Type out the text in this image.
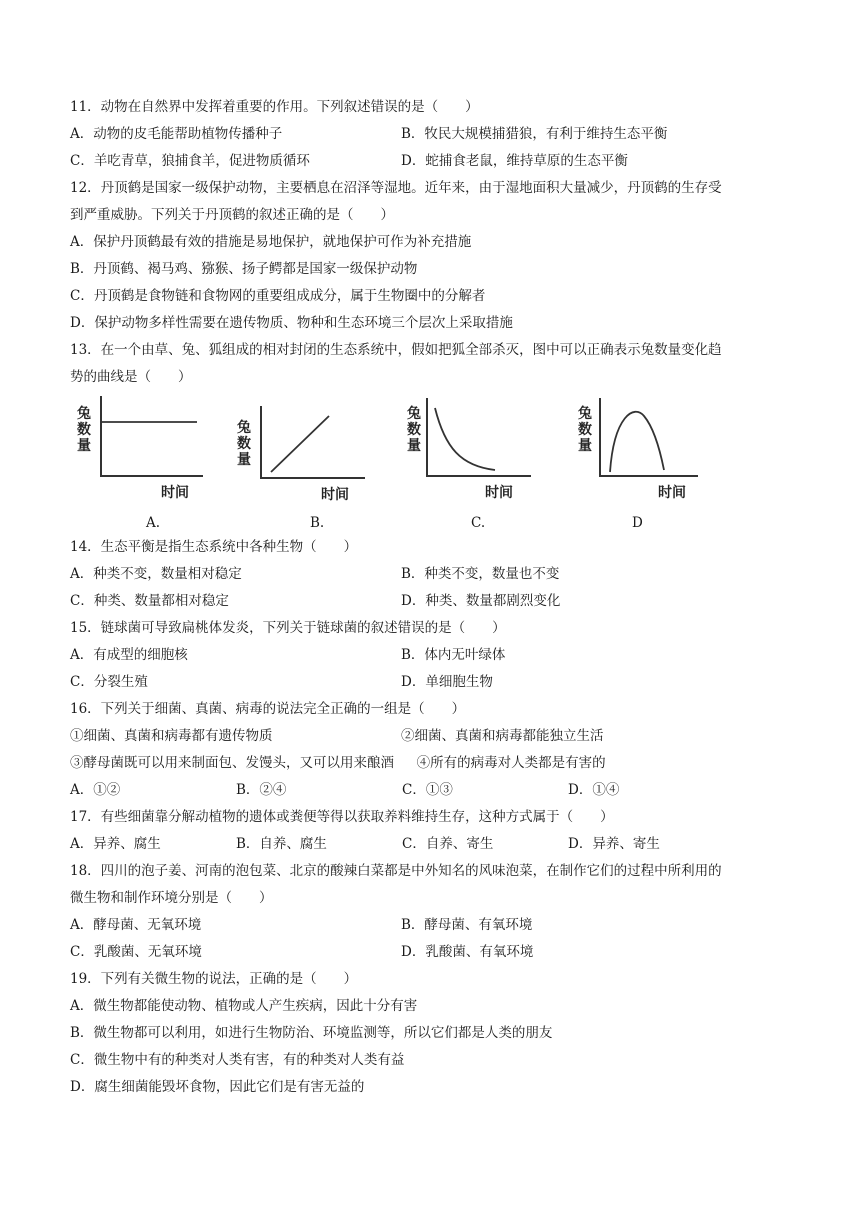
11．动物在自然界中发挥着重要的作用。下列叙述错误的是（　　）
A．动物的皮毛能帮助植物传播种子	B．牧民大规模捕猎狼，有利于维持生态平衡
C．羊吃青草，狼捕食羊，促进物质循环	D．蛇捕食老鼠，维持草原的生态平衡
12．丹顶鹤是国家一级保护动物，主要栖息在沼泽等湿地。近年来，由于湿地面积大量减少，丹顶鹤的生存受
到严重威胁。下列关于丹顶鹤的叙述正确的是（　　）
A．保护丹顶鹤最有效的措施是易地保护，就地保护可作为补充措施
B．丹顶鹤、褐马鸡、猕猴、扬子鳄都是国家一级保护动物
C．丹顶鹤是食物链和食物网的重要组成成分，属于生物圈中的分解者
D．保护动物多样性需要在遗传物质、物种和生态环境三个层次上采取措施
13．在一个由草、兔、狐组成的相对封闭的生态系统中，假如把狐全部杀灭，图中可以正确表示兔数量变化趋
势的曲线是（　　）
兔数量
时间
兔数量
时间
兔数量
时间
兔数量
时间
A.	B.	C.	D
14．生态平衡是指生态系统中各种生物（　　）
A．种类不变，数量相对稳定	B．种类不变，数量也不变
C．种类、数量都相对稳定	D．种类、数量都剧烈变化
15．链球菌可导致扁桃体发炎，下列关于链球菌的叙述错误的是（　　）
A．有成型的细胞核	B．体内无叶绿体
C．分裂生殖	D．单细胞生物
16．下列关于细菌、真菌、病毒的说法完全正确的一组是（　　）
①细菌、真菌和病毒都有遗传物质	②细菌、真菌和病毒都能独立生活
③酵母菌既可以用来制面包、发馒头，又可以用来酿酒 ④所有的病毒对人类都是有害的
A．①②	B．②④	C．①③	D．①④
17．有些细菌靠分解动植物的遗体或粪便等得以获取养料维持生存，这种方式属于（　　）
A．异养、腐生	B．自养、腐生	C．自养、寄生	D．异养、寄生
18．四川的泡子姜、河南的泡包菜、北京的酸辣白菜都是中外知名的风味泡菜，在制作它们的过程中所利用的
微生物和制作环境分别是（　　）
A．酵母菌、无氧环境	B．酵母菌、有氧环境
C．乳酸菌、无氧环境	D．乳酸菌、有氧环境
19．下列有关微生物的说法，正确的是（　　）
A．微生物都能使动物、植物或人产生疾病，因此十分有害
B．微生物都可以利用，如进行生物防治、环境监测等，所以它们都是人类的朋友
C．微生物中有的种类对人类有害，有的种类对人类有益
D．腐生细菌能毁坏食物，因此它们是有害无益的
